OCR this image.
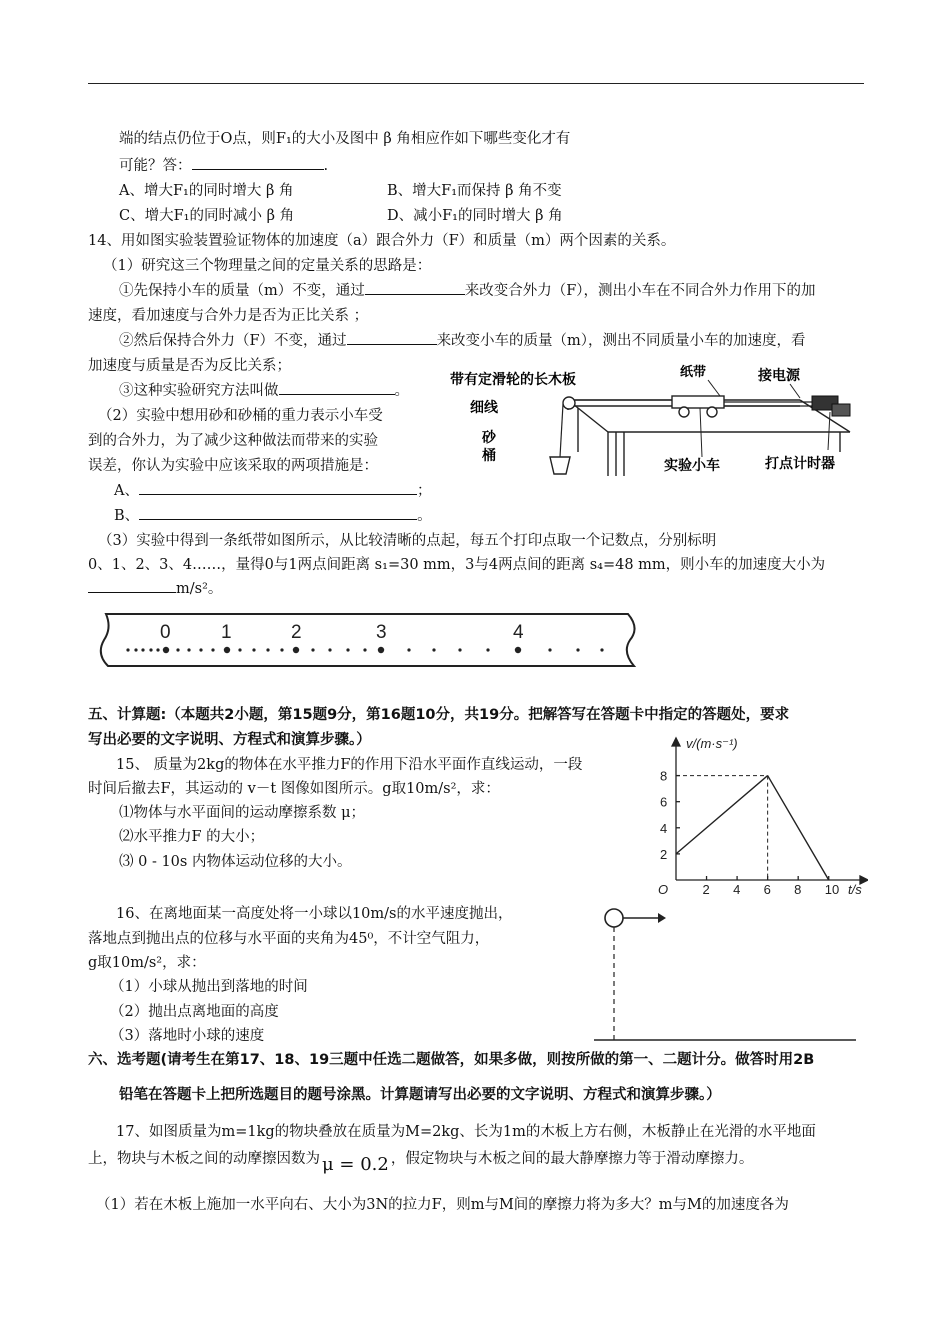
端的结点仍位于O点，则F₁的大小及图中 β 角相应作如下哪些变化才有
可能？答：	.
A、增大F₁的同时增大 β 角	B、增大F₁而保持 β 角不变
C、增大F₁的同时减小 β 角	D、减小F₁的同时增大 β 角
14、用如图实验装置验证物体的加速度（a）跟合外力（F）和质量（m）两个因素的关系。
（1）研究这三个物理量之间的定量关系的思路是：
①先保持小车的质量（m）不变，通过	来改变合外力（F），测出小车在不同合外力作用下的加
速度，看加速度与合外力是否为正比关系 ；
②然后保持合外力（F）不变，通过	来改变小车的质量（m），测出不同质量小车的加速度，看
加速度与质量是否为反比关系；
③这种实验研究方法叫做	。
（2）实验中想用砂和砂桶的重力表示小车受
到的合外力，为了减少这种做法而带来的实验
误差，你认为实验中应该采取的两项措施是：
A、	；
B、	。
带有定滑轮的长木板	纸带	接电源
细线
砂
桶
实验小车	打点计时器
（3）实验中得到一条纸带如图所示，从比较清晰的点起，每五个打印点取一个记数点，分别标明
0、1、2、3、4……，量得0与1两点间距离 s₁=30 mm，3与4两点间的距离 s₄=48 mm，则小车的加速度大小为
m/s²。
0	1	2	3	4
五、计算题:（本题共2小题，第15题9分，第16题10分，共19分。把解答写在答题卡中指定的答题处，要求
写出必要的文字说明、方程式和演算步骤。）
15、 质量为2kg的物体在水平推力F的作用下沿水平面作直线运动，一段
时间后撤去F，其运动的 v－t 图像如图所示。g取10m/s²，求：
⑴物体与水平面间的运动摩擦系数 μ；
⑵水平推力F 的大小；
⑶ 0 - 10s 内物体运动位移的大小。
2 4 6 8 10
2
4
6
8
O	t/s
v/(m·s⁻¹)
16、在离地面某一高度处将一小球以10m/s的水平速度抛出，
落地点到抛出点的位移与水平面的夹角为45⁰，不计空气阻力，
g取10m/s²，求：
（1）小球从抛出到落地的时间
（2）抛出点离地面的高度
（3）落地时小球的速度
六、选考题(请考生在第17、18、19三题中任选二题做答，如果多做，则按所做的第一、二题计分。做答时用2B
铅笔在答题卡上把所选题目的题号涂黑。计算题请写出必要的文字说明、方程式和演算步骤。）
17、如图质量为m=1kg的物块叠放在质量为M=2kg、长为1m的木板上方右侧，木板静止在光滑的水平地面
上，物块与木板之间的动摩擦因数为 μ = 0.2 ，假定物块与木板之间的最大静摩擦力等于滑动摩擦力。
（1）若在木板上施加一水平向右、大小为3N的拉力F，则m与M间的摩擦力将为多大？m与M的加速度各为
